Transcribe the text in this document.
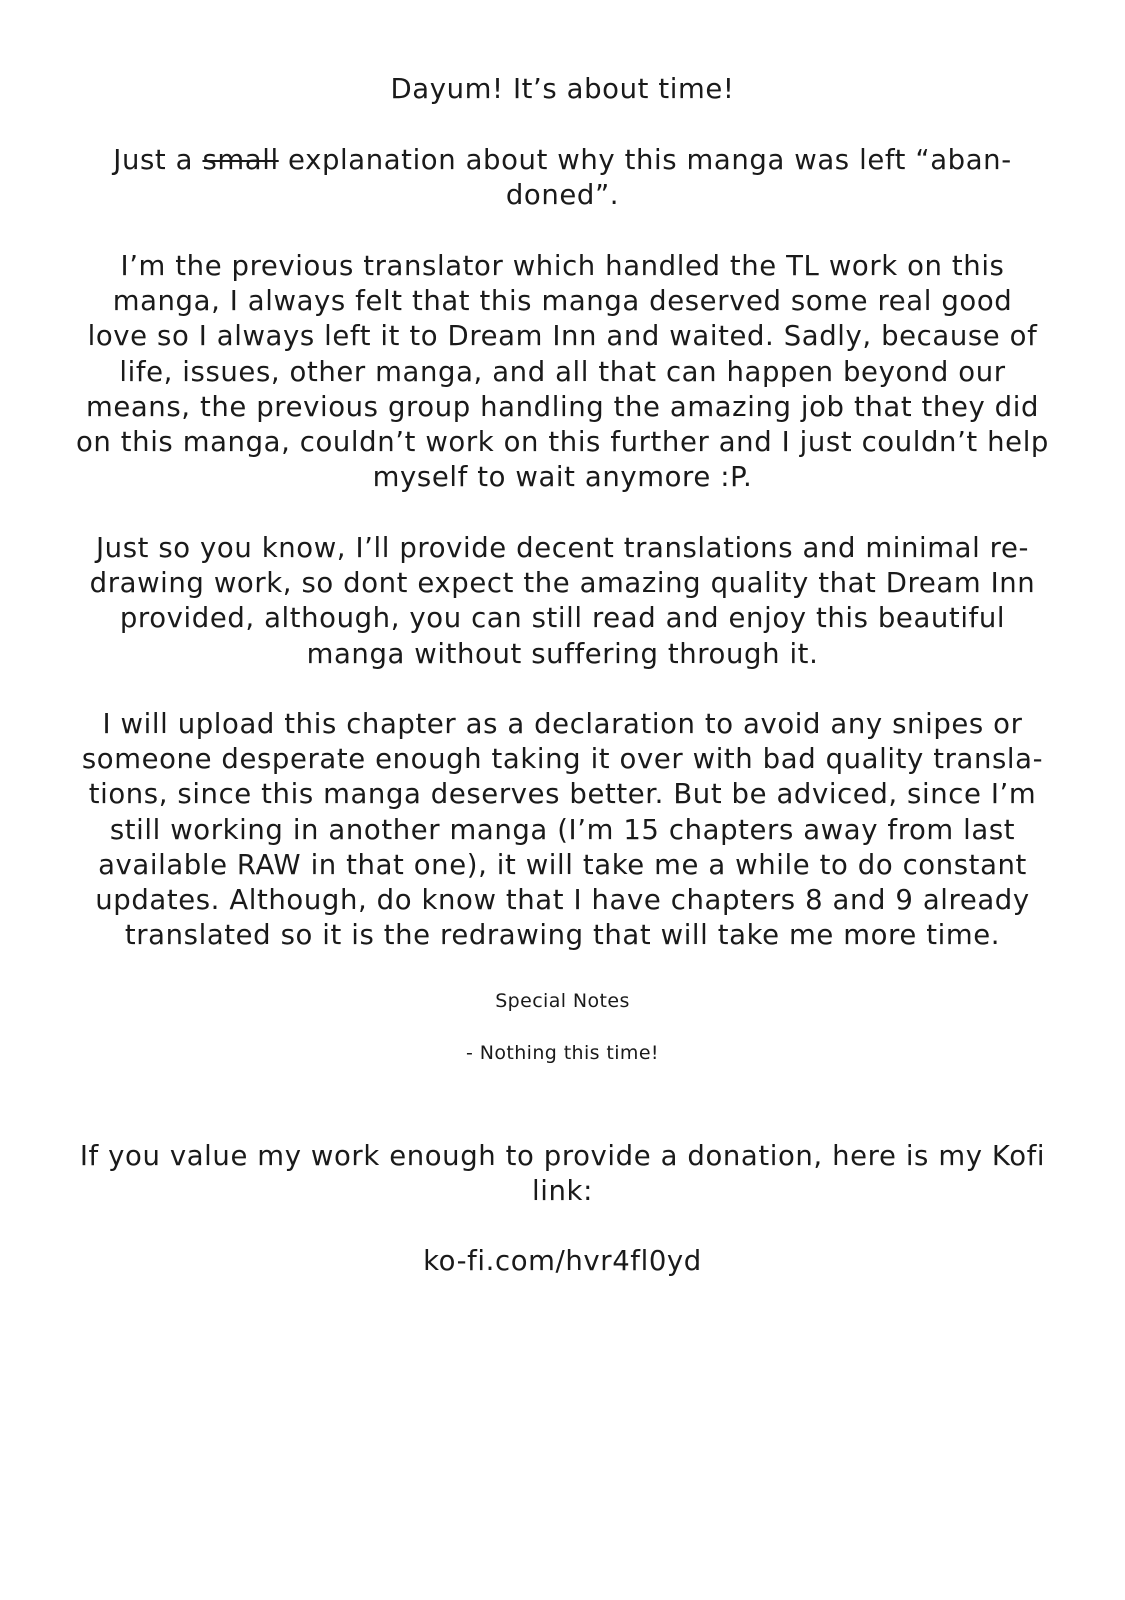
Dayum! It’s about time!

Just a small explanation about why this manga was left “aban-
doned”.

I’m the previous translator which handled the TL work on this
manga, I always felt that this manga deserved some real good
love so I always left it to Dream Inn and waited. Sadly, because of
life, issues, other manga, and all that can happen beyond our
means, the previous group handling the amazing job that they did
on this manga, couldn’t work on this further and I just couldn’t help
myself to wait anymore :P.

Just so you know, I’ll provide decent translations and minimal re-
drawing work, so dont expect the amazing quality that Dream Inn
provided, although, you can still read and enjoy this beautiful
manga without suffering through it.

I will upload this chapter as a declaration to avoid any snipes or
someone desperate enough taking it over with bad quality transla-
tions, since this manga deserves better. But be adviced, since I’m
still working in another manga (I’m 15 chapters away from last
available RAW in that one), it will take me a while to do constant
updates. Although, do know that I have chapters 8 and 9 already
translated so it is the redrawing that will take me more time.

Special Notes

- Nothing this time!

If you value my work enough to provide a donation, here is my Kofi
link:

ko-fi.com/hvr4fl0yd
